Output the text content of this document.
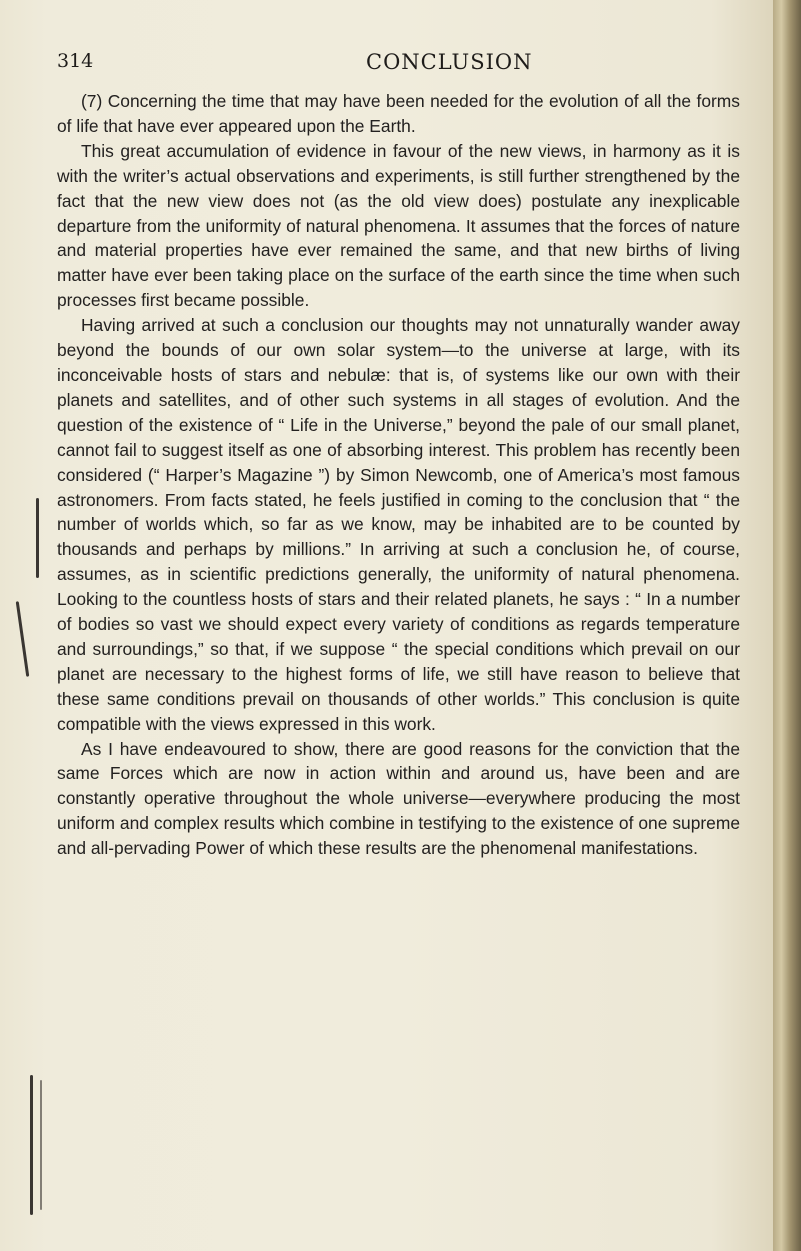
314	CONCLUSION

(7) Concerning the time that may have been needed for the evolution of all the forms of life that have ever appeared upon the Earth.

This great accumulation of evidence in favour of the new views, in harmony as it is with the writer’s actual observations and experiments, is still further strengthened by the fact that the new view does not (as the old view does) postulate any inexplicable departure from the uniformity of natural phenomena. It assumes that the forces of nature and material properties have ever remained the same, and that new births of living matter have ever been taking place on the surface of the earth since the time when such processes first became possible.

Having arrived at such a conclusion our thoughts may not unnaturally wander away beyond the bounds of our own solar system—to the universe at large, with its inconceivable hosts of stars and nebulæ: that is, of systems like our own with their planets and satellites, and of other such systems in all stages of evolution. And the question of the existence of “ Life in the Universe,” beyond the pale of our small planet, cannot fail to suggest itself as one of absorbing interest. This problem has recently been considered (“ Harper’s Magazine ”) by Simon Newcomb, one of America’s most famous astronomers. From facts stated, he feels justified in coming to the conclusion that “ the number of worlds which, so far as we know, may be inhabited are to be counted by thousands and perhaps by millions.” In arriving at such a conclusion he, of course, assumes, as in scientific predictions generally, the uniformity of natural phenomena. Looking to the countless hosts of stars and their related planets, he says : “ In a number of bodies so vast we should expect every variety of conditions as regards temperature and surroundings,” so that, if we suppose “ the special conditions which prevail on our planet are necessary to the highest forms of life, we still have reason to believe that these same conditions prevail on thousands of other worlds.” This conclusion is quite compatible with the views expressed in this work.

As I have endeavoured to show, there are good reasons for the conviction that the same Forces which are now in action within and around us, have been and are constantly operative throughout the whole universe—everywhere producing the most uniform and complex results which combine in testifying to the existence of one supreme and all-pervading Power of which these results are the phenomenal manifestations.
